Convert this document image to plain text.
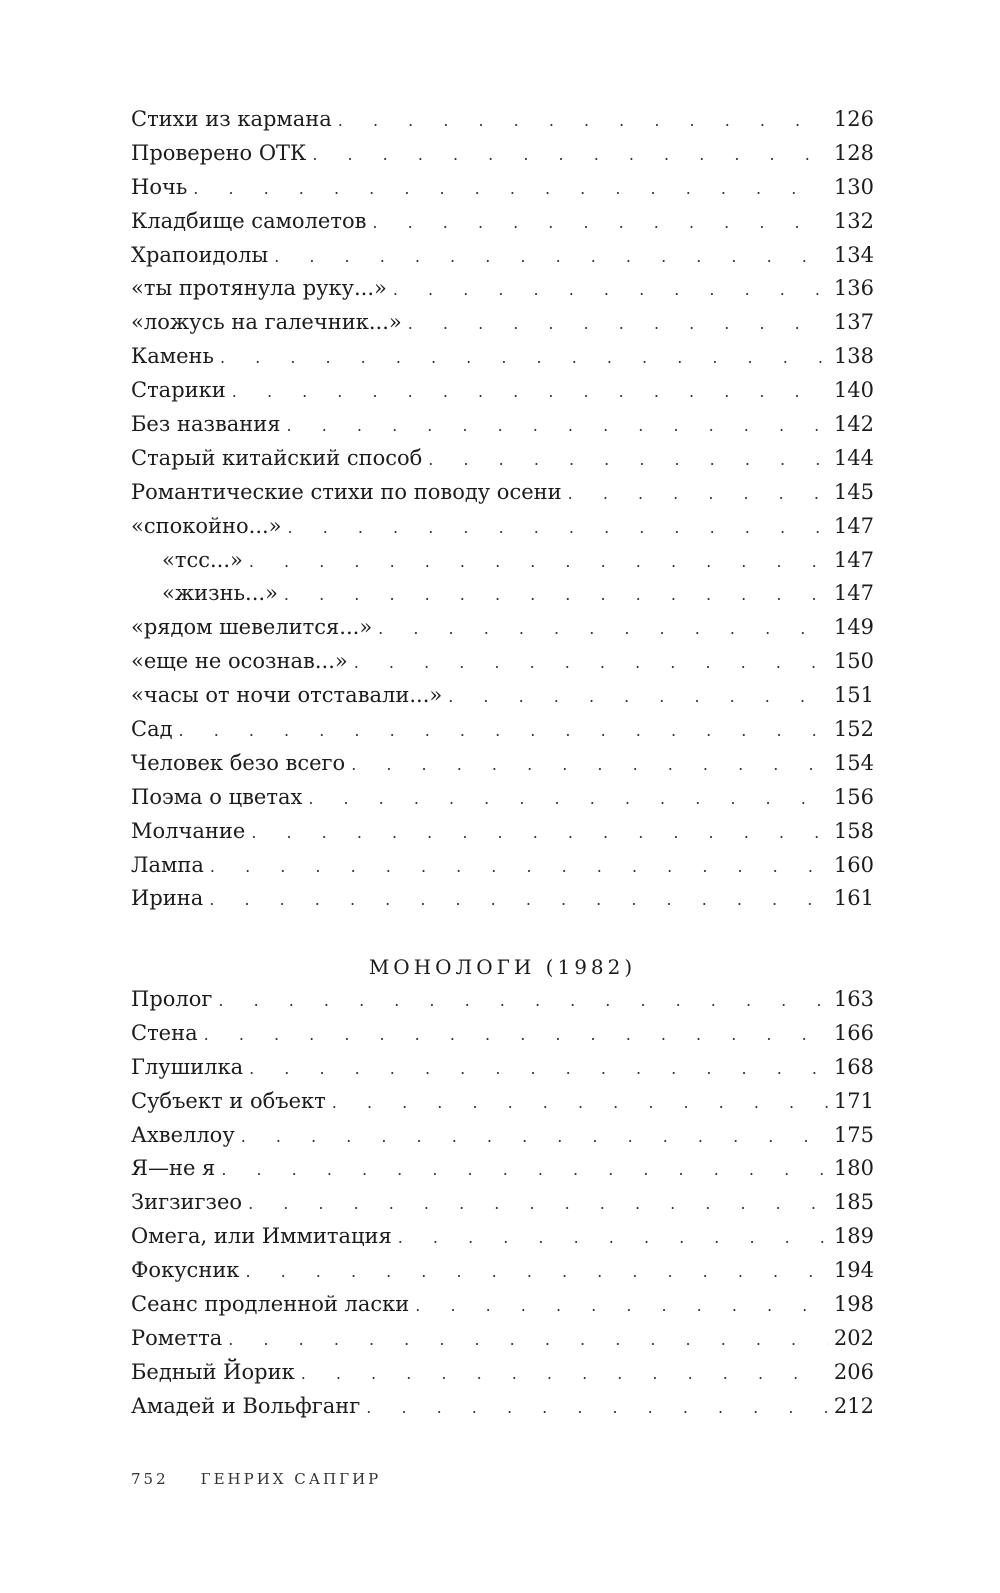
Стихи из кармана . . .	126
Проверено ОТК . . .	128
Ночь . . .	130
Кладбище самолетов . . .	132
Храпоидолы . . .	134
«ты протянула руку...» . . .	136
«ложусь на галечник...» . . .	137
Камень . . .	138
Старики . . .	140
Без названия . . .	142
Старый китайский способ . . .	144
Романтические стихи по поводу осени . . .	145
«спокойно...» . . .	147
«тсс...» . . .	147
«жизнь...» . . .	147
«рядом шевелится...» . . .	149
«еще не осознав...» . . .	150
«часы от ночи отставали...» . . .	151
Сад . . .	152
Человек безо всего . . .	154
Поэма о цветах . . .	156
Молчание . . .	158
Лампа . . .	160
Ирина . . .	161
МОНОЛОГИ (1982)
Пролог . . .	163
Стена . . .	166
Глушилка . . .	168
Субъект и объект . . .	171
Ахвеллоу . . .	175
Я—не я . . .	180
Зигзигзео . . .	185
Омега, или Иммитация . . .	189
Фокусник . . .	194
Сеанс продленной ласки . . .	198
Рометта . . .	202
Бедный Йорик . . .	206
Амадей и Вольфганг . . .	212
752 ГЕНРИХ САПГИР
